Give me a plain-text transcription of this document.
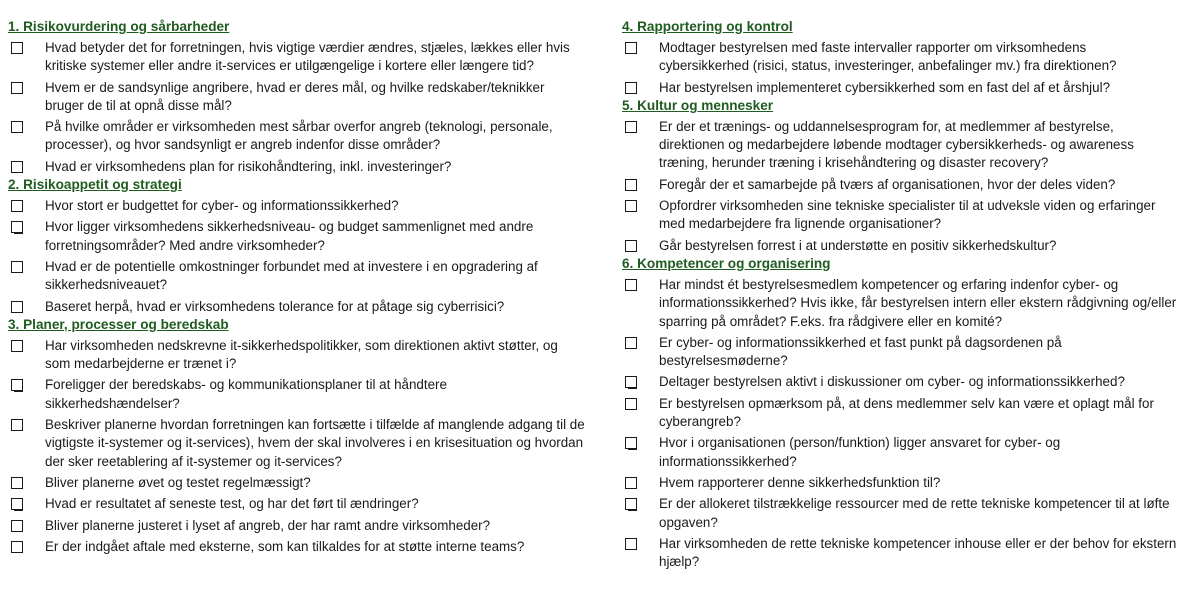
1. Risikovurdering og sårbarheder
Hvad betyder det for forretningen, hvis vigtige værdier ændres, stjæles, lækkes eller hvis kritiske systemer eller andre it-services er utilgængelige i kortere eller længere tid?
Hvem er de sandsynlige angribere, hvad er deres mål, og hvilke redskaber/teknikker bruger de til at opnå disse mål?
På hvilke områder er virksomheden mest sårbar overfor angreb (teknologi, personale, processer), og hvor sandsynligt er angreb indenfor disse områder?
Hvad er virksomhedens plan for risikohåndtering, inkl. investeringer?
2. Risikoappetit og strategi
Hvor stort er budgettet for cyber- og informationssikkerhed?
Hvor ligger virksomhedens sikkerhedsniveau- og budget sammenlignet med andre forretningsområder? Med andre virksomheder?
Hvad er de potentielle omkostninger forbundet med at investere i en opgradering af sikkerhedsniveauet?
Baseret herpå, hvad er virksomhedens tolerance for at påtage sig cyberrisici?
3. Planer, processer og beredskab
Har virksomheden nedskrevne it-sikkerhedspolitikker, som direktionen aktivt støtter, og som medarbejderne er trænet i?
Foreligger der beredskabs- og kommunikationsplaner til at håndtere sikkerhedshændelser?
Beskriver planerne hvordan forretningen kan fortsætte i tilfælde af manglende adgang til de vigtigste it-systemer og it-services), hvem der skal involveres i en krisesituation og hvordan der sker reetablering af it-systemer og it-services?
Bliver planerne øvet og testet regelmæssigt?
Hvad er resultatet af seneste test, og har det ført til ændringer?
Bliver planerne justeret i lyset af angreb, der har ramt andre virksomheder?
Er der indgået aftale med eksterne, som kan tilkaldes for at støtte interne teams?
4. Rapportering og kontrol
Modtager bestyrelsen med faste intervaller rapporter om virksomhedens cybersikkerhed (risici, status, investeringer, anbefalinger mv.) fra direktionen?
Har bestyrelsen implementeret cybersikkerhed som en fast del af et årshjul?
5. Kultur og mennesker
Er der et trænings- og uddannelsesprogram for, at medlemmer af bestyrelse, direktionen og medarbejdere løbende modtager cybersikkerheds- og awareness træning, herunder træning i krisehåndtering og disaster recovery?
Foregår der et samarbejde på tværs af organisationen, hvor der deles viden?
Opfordrer virksomheden sine tekniske specialister til at udveksle viden og erfaringer med medarbejdere fra lignende organisationer?
Går bestyrelsen forrest i at understøtte en positiv sikkerhedskultur?
6. Kompetencer og organisering
Har mindst ét bestyrelsesmedlem kompetencer og erfaring indenfor cyber- og informationssikkerhed? Hvis ikke, får bestyrelsen intern eller ekstern rådgivning og/eller sparring på området? F.eks. fra rådgivere eller en komité?
Er cyber- og informationssikkerhed et fast punkt på dagsordenen på bestyrelsesmøderne?
Deltager bestyrelsen aktivt i diskussioner om cyber- og informationssikkerhed?
Er bestyrelsen opmærksom på, at dens medlemmer selv kan være et oplagt mål for cyberangreb?
Hvor i organisationen (person/funktion) ligger ansvaret for cyber- og informationssikkerhed?
Hvem rapporterer denne sikkerhedsfunktion til?
Er der allokeret tilstrækkelige ressourcer med de rette tekniske kompetencer til at løfte opgaven?
Har virksomheden de rette tekniske kompetencer inhouse eller er der behov for ekstern hjælp?
